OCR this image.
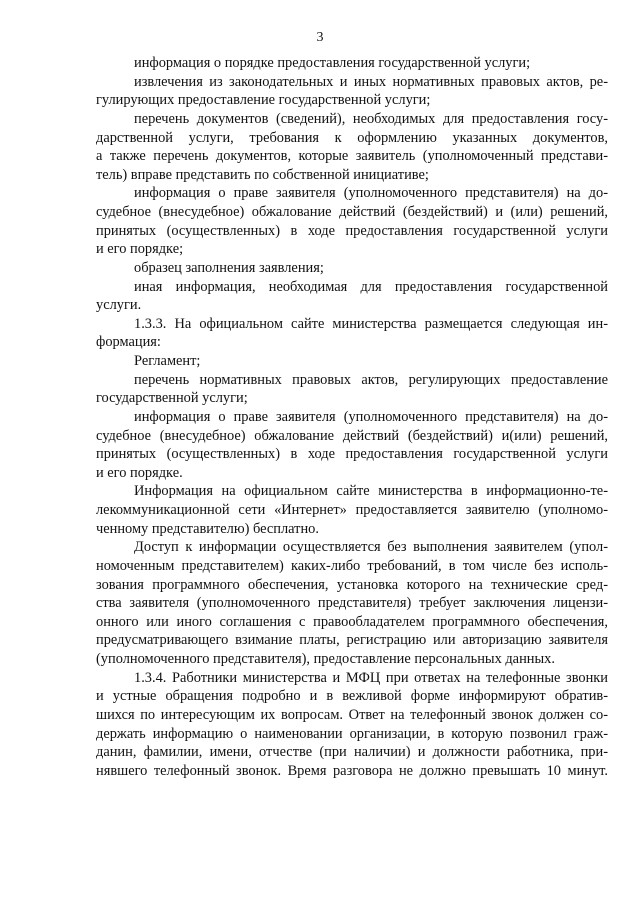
3
информация о порядке предоставления государственной услуги;
извлечения из законодательных и иных нормативных правовых актов, ре-
гулирующих предоставление государственной услуги;
перечень документов (сведений), необходимых для предоставления госу-
дарственной услуги, требования к оформлению указанных документов,
а также перечень документов, которые заявитель (уполномоченный представи-
тель) вправе представить по собственной инициативе;
информация о праве заявителя (уполномоченного представителя) на до-
судебное (внесудебное) обжалование действий (бездействий) и (или) решений,
принятых (осуществленных) в ходе предоставления государственной услуги
и его порядке;
образец заполнения заявления;
иная информация, необходимая для предоставления государственной
услуги.
1.3.3. На официальном сайте министерства размещается следующая ин-
формация:
Регламент;
перечень нормативных правовых актов, регулирующих предоставление
государственной услуги;
информация о праве заявителя (уполномоченного представителя) на до-
судебное (внесудебное) обжалование действий (бездействий) и(или) решений,
принятых (осуществленных) в ходе предоставления государственной услуги
и его порядке.
Информация на официальном сайте министерства в информационно-те-
лекоммуникационной сети «Интернет» предоставляется заявителю (уполномо-
ченному представителю) бесплатно.
Доступ к информации осуществляется без выполнения заявителем (упол-
номоченным представителем) каких-либо требований, в том числе без исполь-
зования программного обеспечения, установка которого на технические сред-
ства заявителя (уполномоченного представителя) требует заключения лицензи-
онного или иного соглашения с правообладателем программного обеспечения,
предусматривающего взимание платы, регистрацию или авторизацию заявителя
(уполномоченного представителя), предоставление персональных данных.
1.3.4. Работники министерства и МФЦ при ответах на телефонные звонки
и устные обращения подробно и в вежливой форме информируют обратив-
шихся по интересующим их вопросам. Ответ на телефонный звонок должен со-
держать информацию о наименовании организации, в которую позвонил граж-
данин, фамилии, имени, отчестве (при наличии) и должности работника, при-
нявшего телефонный звонок. Время разговора не должно превышать 10 минут.
